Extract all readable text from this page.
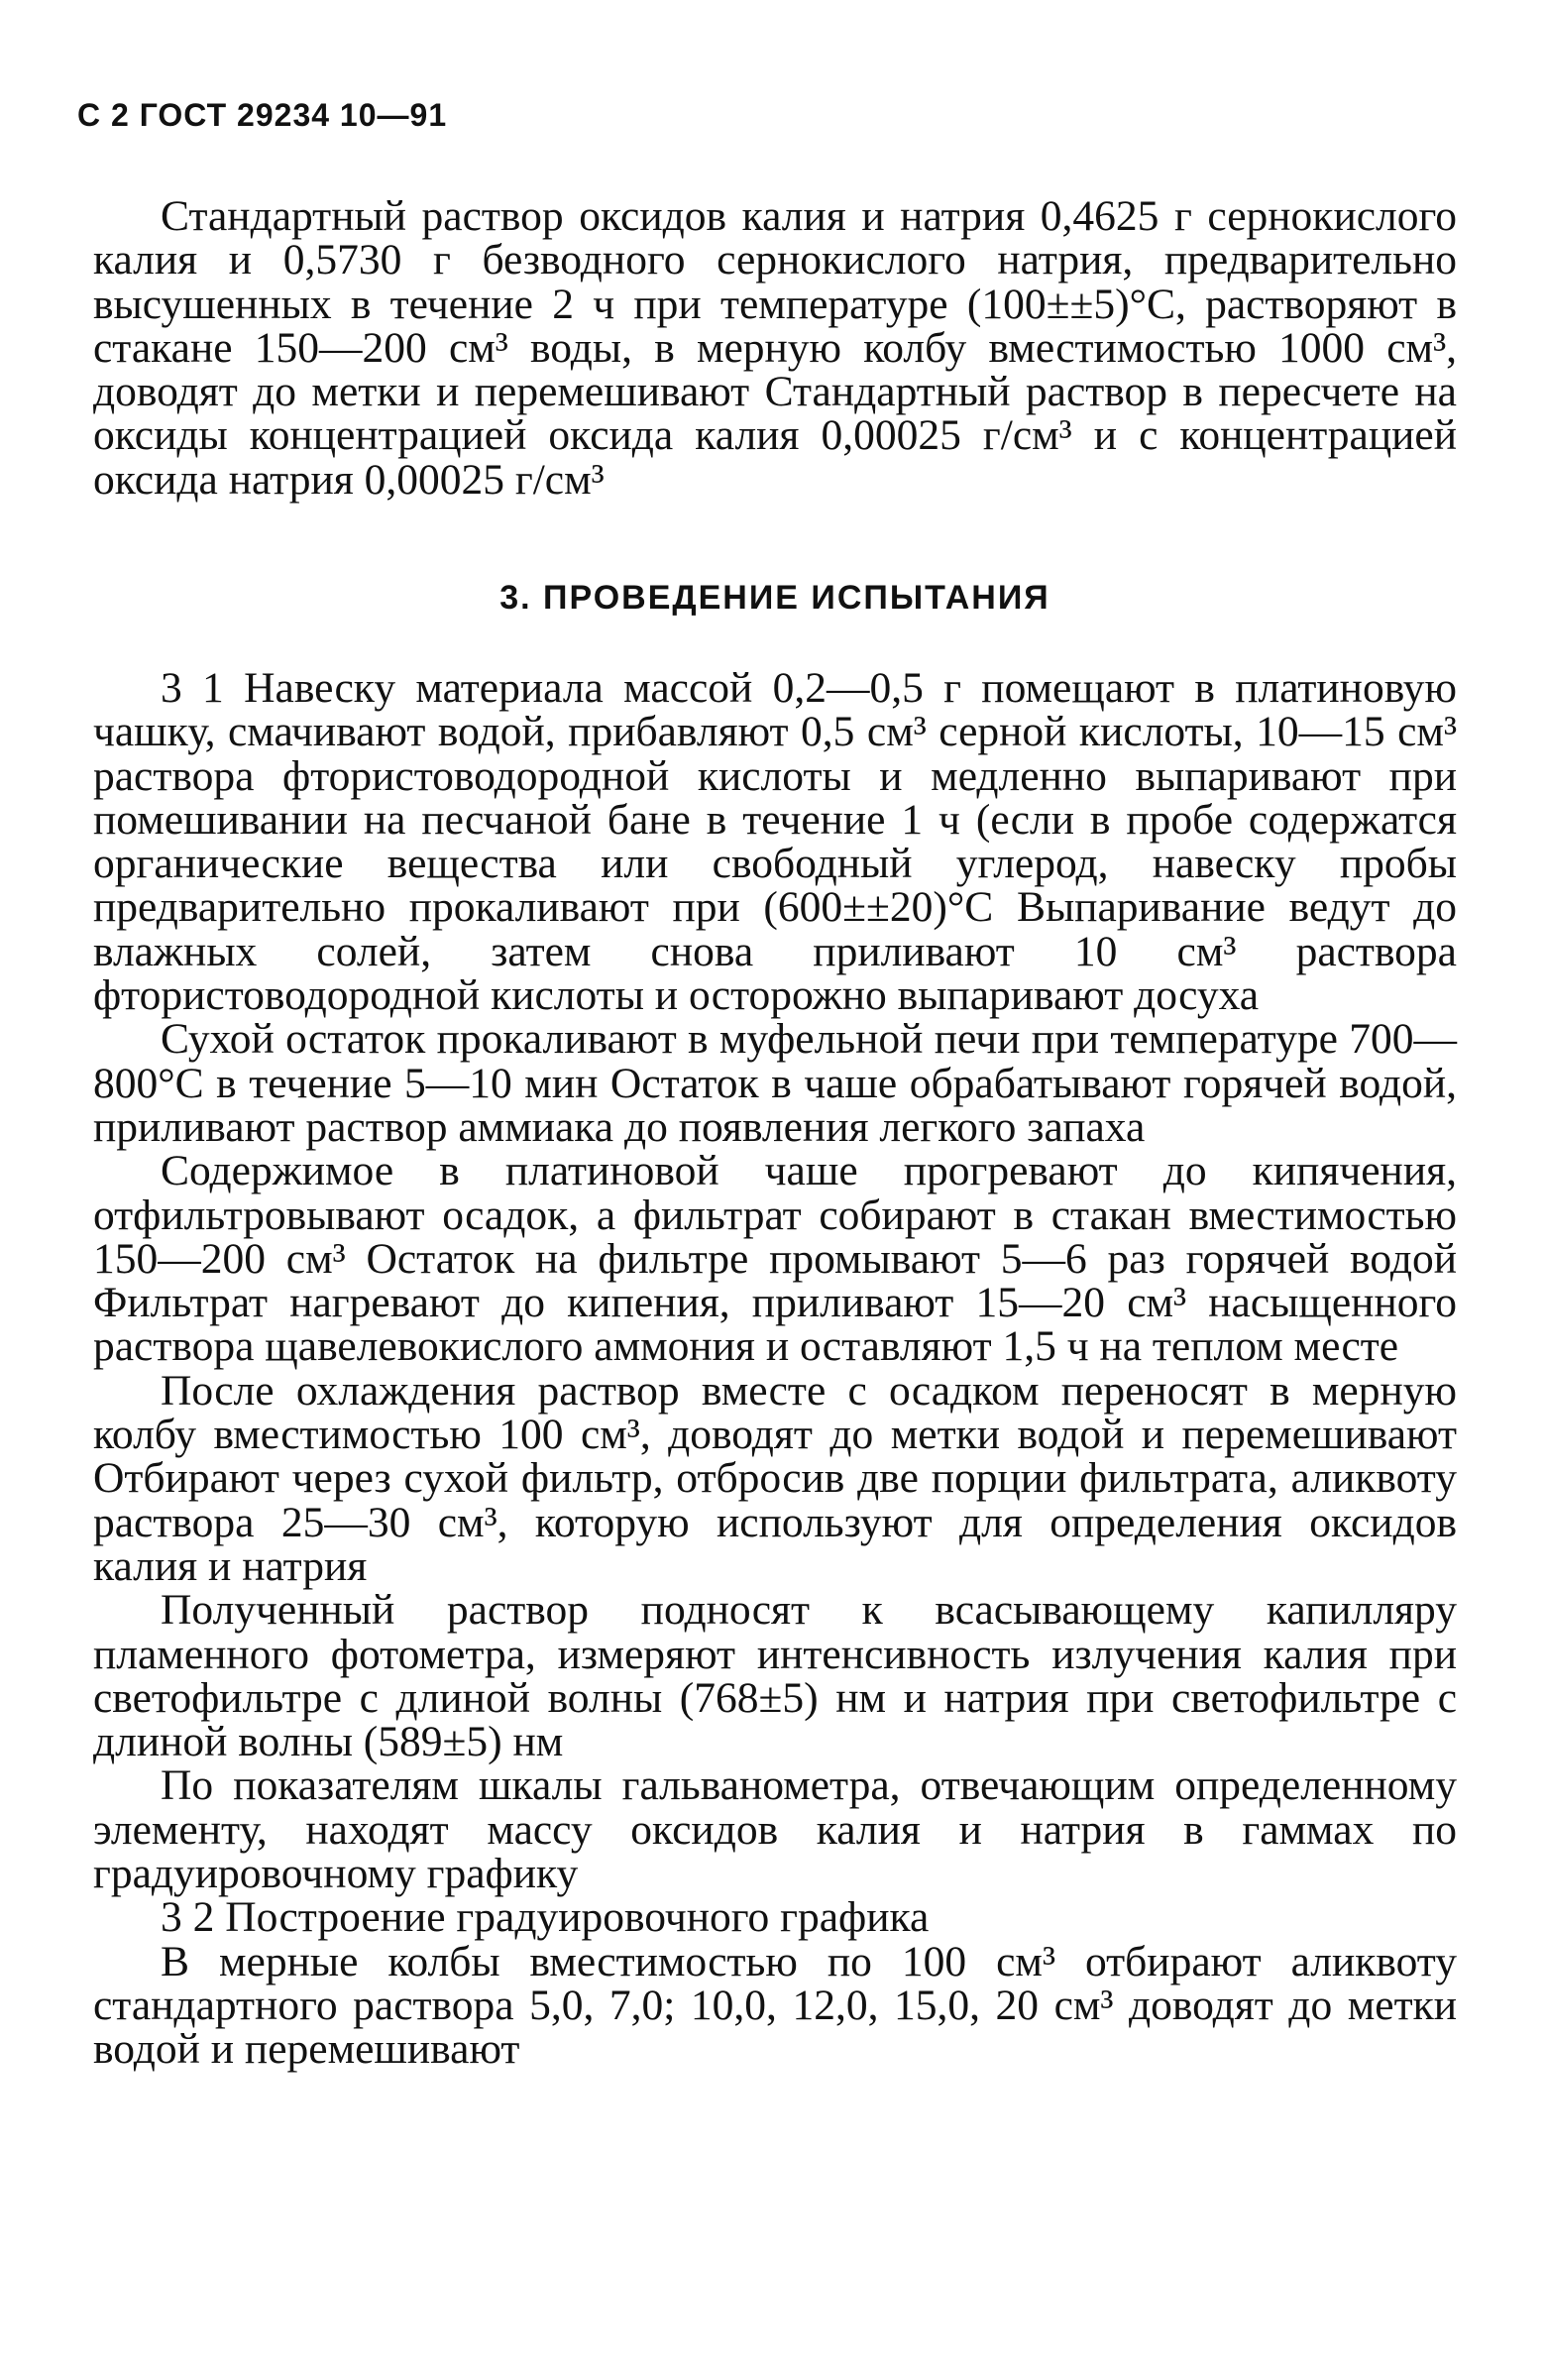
С 2 ГОСТ 29234 10—91

Стандартный раствор оксидов калия и натрия 0,4625 г сернокислого калия и 0,5730 г безводного сернокислого натрия, предварительно высушенных в течение 2 ч при температуре (100±±5)°С, растворяют в стакане 150—200 см³ воды, в мерную колбу вместимостью 1000 см³, доводят до метки и перемешивают Стандартный раствор в пересчете на оксиды концентрацией оксида калия 0,00025 г/см³ и с концентрацией оксида натрия 0,00025 г/см³

3. ПРОВЕДЕНИЕ ИСПЫТАНИЯ

3 1 Навеску материала массой 0,2—0,5 г помещают в платиновую чашку, смачивают водой, прибавляют 0,5 см³ серной кислоты, 10—15 см³ раствора фтористоводородной кислоты и медленно выпаривают при помешивании на песчаной бане в течение 1 ч (если в пробе содержатся органические вещества или свободный углерод, навеску пробы предварительно прокаливают при (600±±20)°С Выпаривание ведут до влажных солей, затем снова приливают 10 см³ раствора фтористоводородной кислоты и осторожно выпаривают досуха

Сухой остаток прокаливают в муфельной печи при температуре 700—800°С в течение 5—10 мин Остаток в чаше обрабатывают горячей водой, приливают раствор аммиака до появления легкого запаха

Содержимое в платиновой чаше прогревают до кипячения, отфильтровывают осадок, а фильтрат собирают в стакан вместимостью 150—200 см³ Остаток на фильтре промывают 5—6 раз горячей водой Фильтрат нагревают до кипения, приливают 15—20 см³ насыщенного раствора щавелевокислого аммония и оставляют 1,5 ч на теплом месте

После охлаждения раствор вместе с осадком переносят в мерную колбу вместимостью 100 см³, доводят до метки водой и перемешивают Отбирают через сухой фильтр, отбросив две порции фильтрата, аликвоту раствора 25—30 см³, которую используют для определения оксидов калия и натрия

Полученный раствор подносят к всасывающему капилляру пламенного фотометра, измеряют интенсивность излучения калия при светофильтре с длиной волны (768±5) нм и натрия при светофильтре с длиной волны (589±5) нм

По показателям шкалы гальванометра, отвечающим определенному элементу, находят массу оксидов калия и натрия в гаммах по градуировочному графику

3 2 Построение градуировочного графика

В мерные колбы вместимостью по 100 см³ отбирают аликвоту стандартного раствора 5,0, 7,0; 10,0, 12,0, 15,0, 20 см³ доводят до метки водой и перемешивают
